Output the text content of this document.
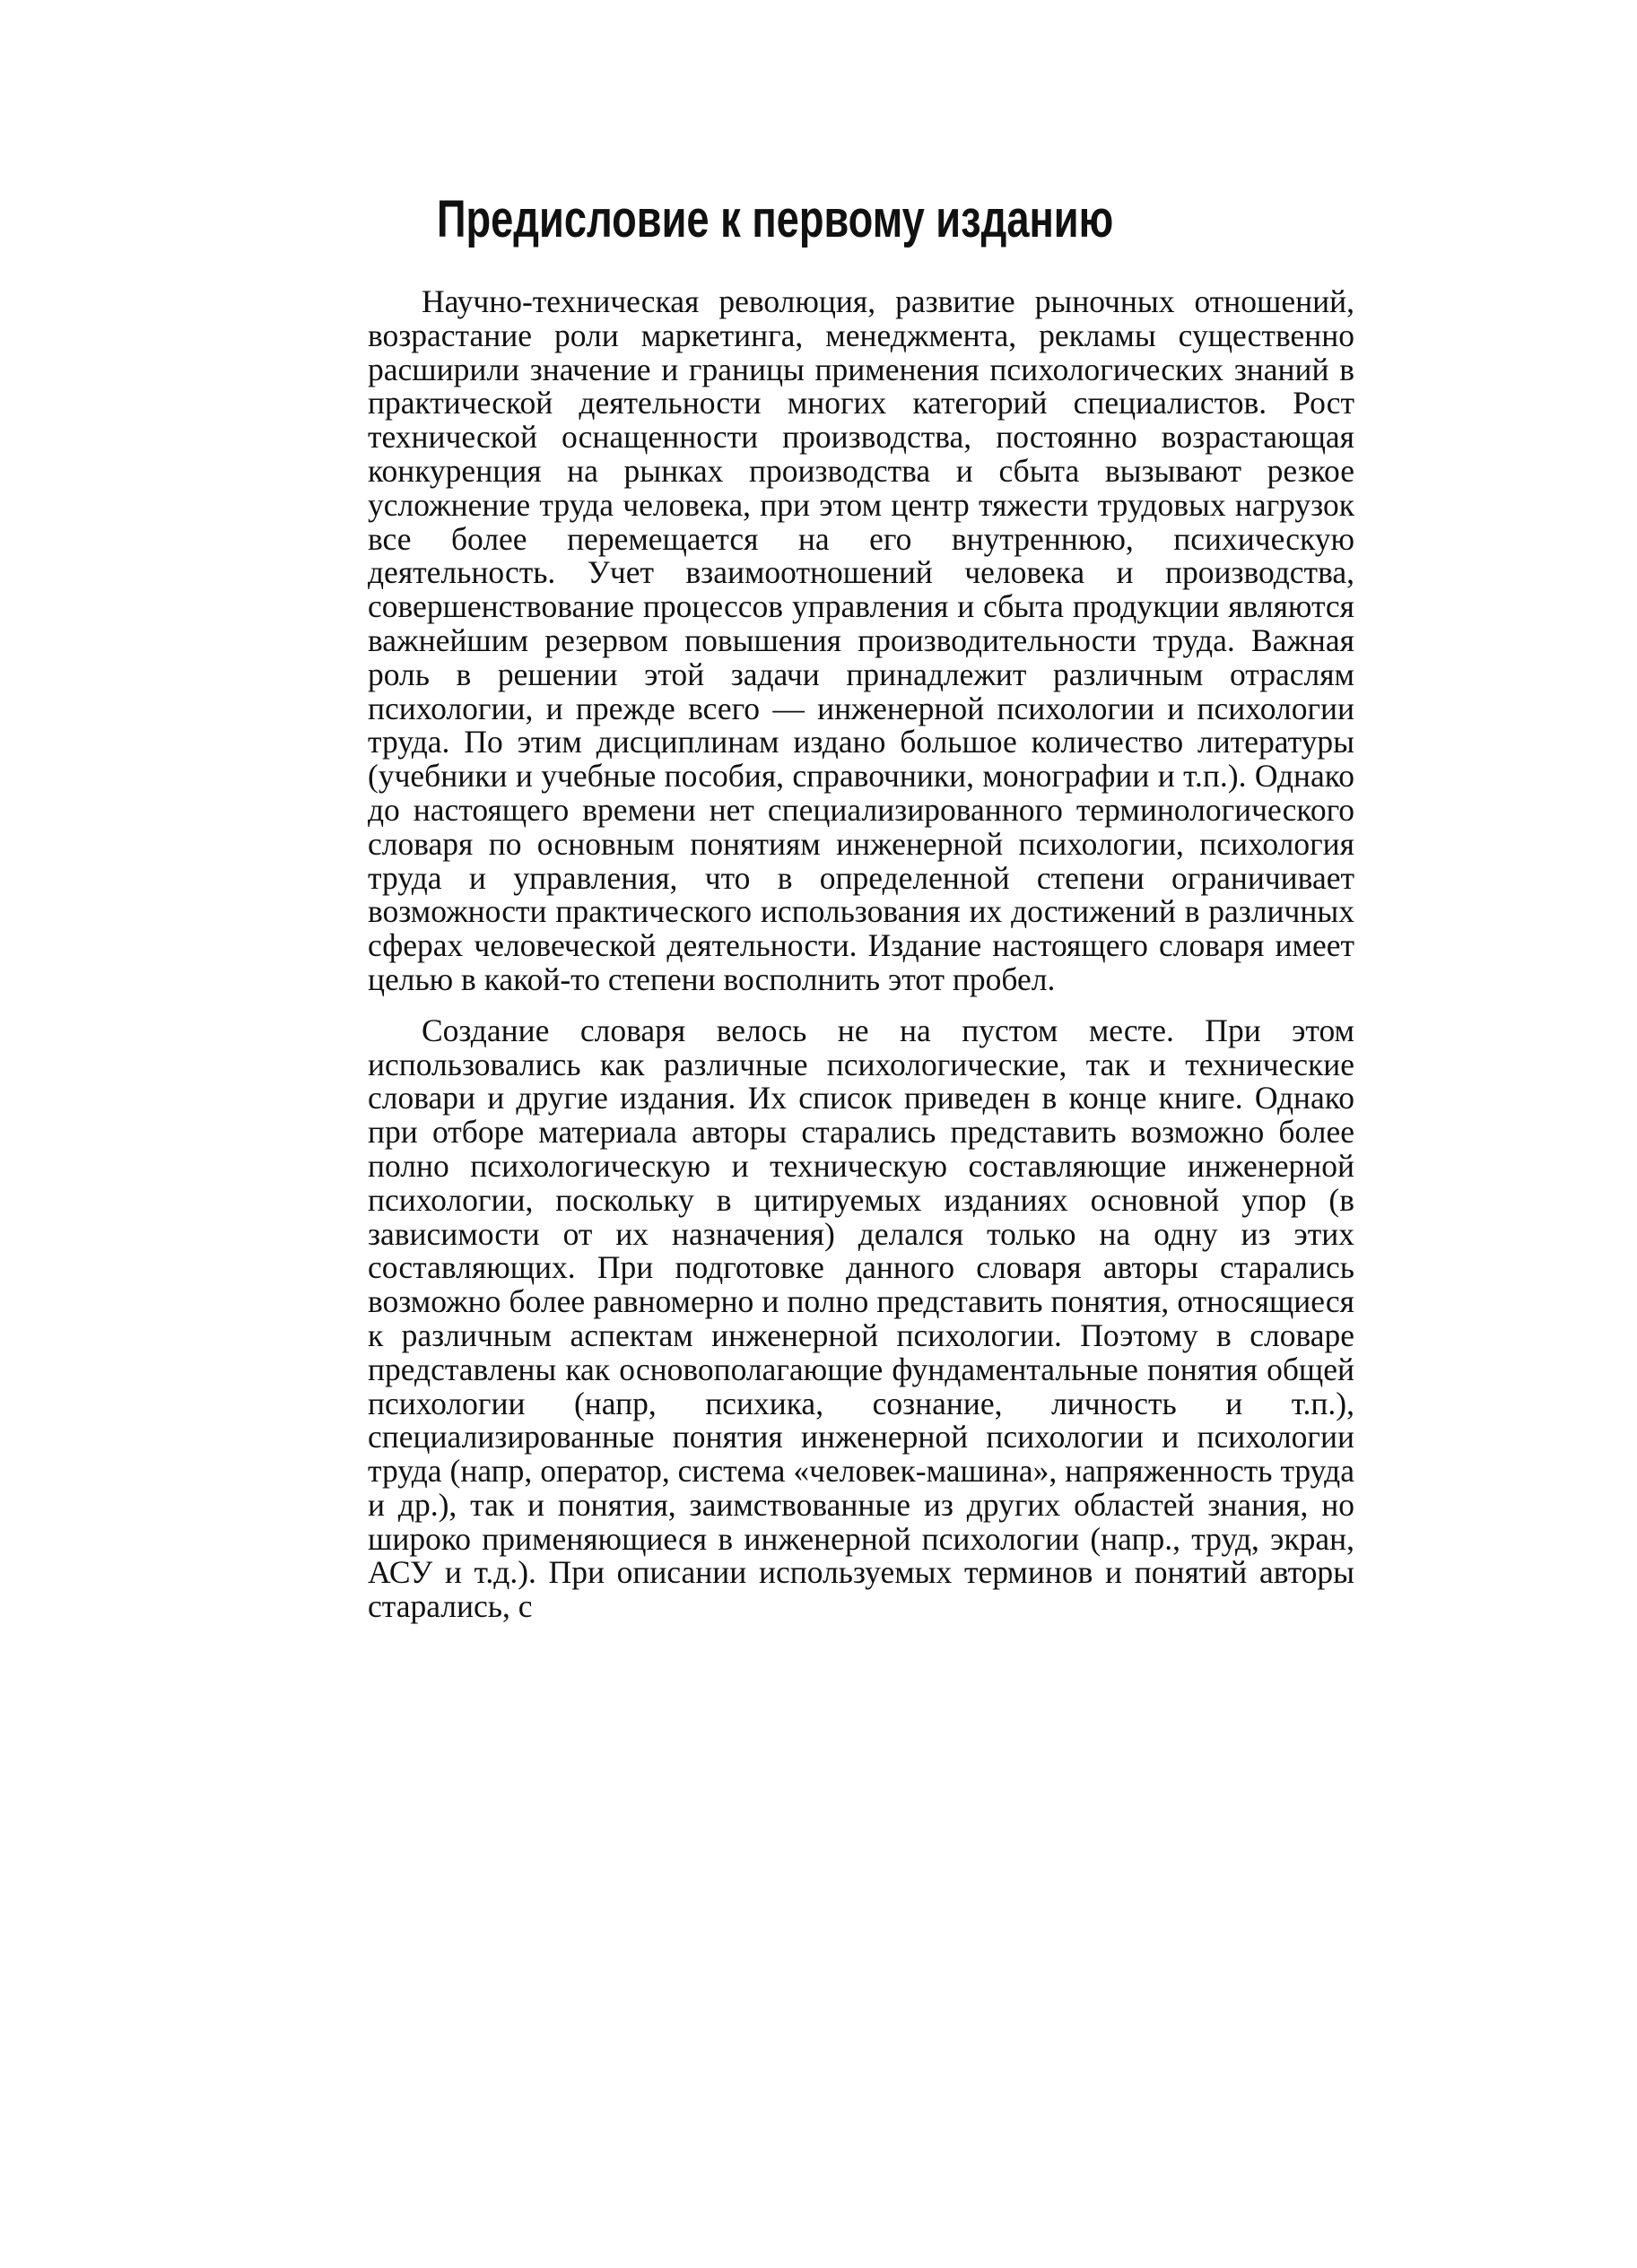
Предисловие к первому изданию

Научно-техническая революция, развитие рыночных отношений, возрастание роли маркетинга, менеджмента, рекламы существенно расширили значение и границы применения психологических знаний в практической деятельности многих категорий специалистов. Рост технической оснащенности производства, постоянно возрастающая конкуренция на рынках производства и сбыта вызывают резкое усложнение труда человека, при этом центр тяжести трудовых нагрузок все более перемещается на его внутреннюю, психическую деятельность. Учет взаимоотношений человека и производства, совершенствование процессов управления и сбыта продукции являются важнейшим резервом повышения производительности труда. Важная роль в решении этой задачи принадлежит различным отраслям психологии, и прежде всего — инженерной психологии и психологии труда. По этим дисциплинам издано большое количество литературы (учебники и учебные пособия, справочники, монографии и т.п.). Однако до настоящего времени нет специализированного терминологического словаря по основным понятиям инженерной психологии, психология труда и управления, что в определенной степени ограничивает возможности практического использования их достижений в различных сферах человеческой деятельности. Издание настоящего словаря имеет целью в какой-то степени восполнить этот пробел.

Создание словаря велось не на пустом месте. При этом использовались как различные психологические, так и технические словари и другие издания. Их список приведен в конце книге. Однако при отборе материала авторы старались представить возможно более полно психологическую и техническую составляющие инженерной психологии, поскольку в цитируемых изданиях основной упор (в зависимости от их назначения) делался только на одну из этих составляющих. При подготовке данного словаря авторы старались возможно более равномерно и полно представить понятия, относящиеся к различным аспектам инженерной психологии. Поэтому в словаре представлены как основополагающие фундаментальные понятия общей психологии (напр, психика, сознание, личность и т.п.), специализированные понятия инженерной психологии и психологии труда (напр, оператор, система «человек-машина», напряженность труда и др.), так и понятия, заимствованные из других областей знания, но широко применяющиеся в инженерной психологии (напр., труд, экран, АСУ и т.д.). При описании используемых терминов и понятий авторы старались, с
